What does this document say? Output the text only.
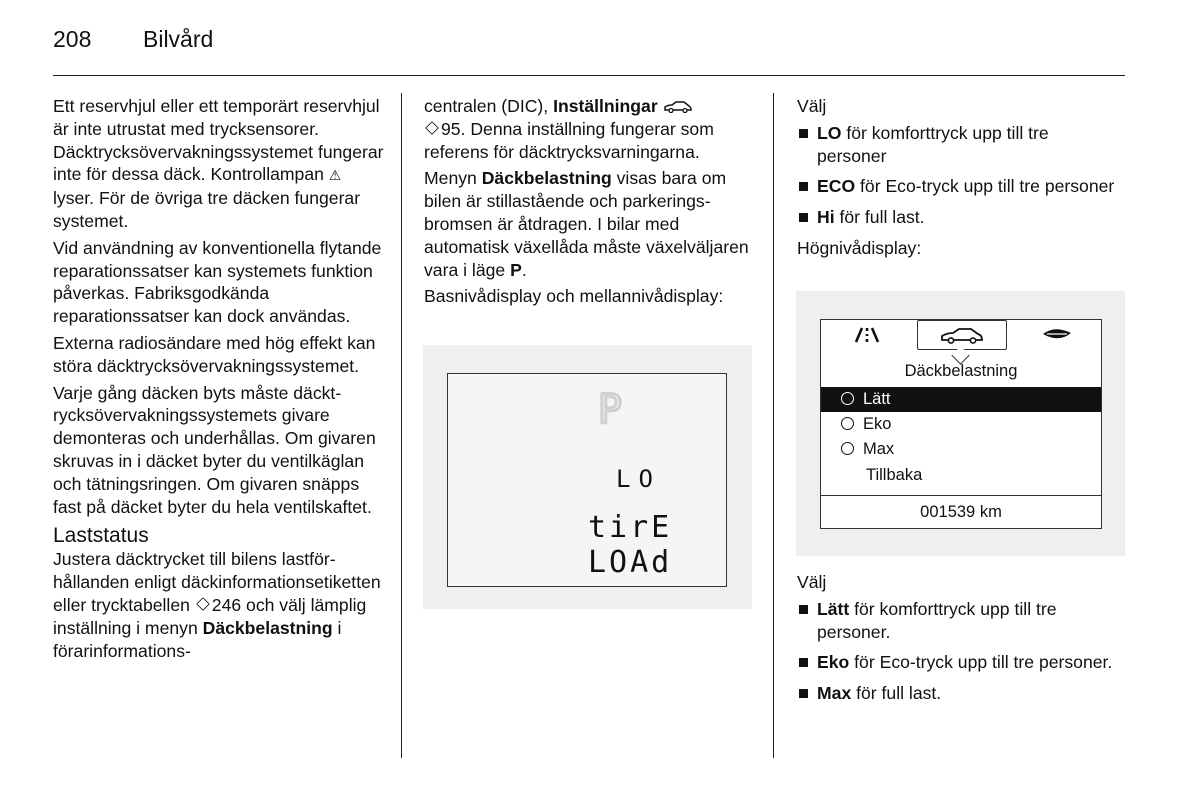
208 Bilvård

Ett reservhjul eller ett temporärt reservhjul är inte utrustat med trycksensorer. Däcktrycksövervakningssystemet fungerar inte för dessa däck. Kontrollampan ⚠ lyser. För de övriga tre däcken fungerar systemet.

Vid användning av konventionella flytande reparationssatser kan systemets funktion påverkas. Fabriksgodkända reparationssatser kan dock användas.

Externa radiosändare med hög effekt kan störa däcktrycksövervakningssystemet.

Varje gång däcken byts måste däcktrycksövervakningssystemets givare demonteras och underhållas. Om givaren skruvas in i däcket byter du ventilkäglan och tätningsringen. Om givaren snäpps fast på däcket byter du hela ventilskaftet.

Laststatus

Justera däcktrycket till bilens lastförhållanden enligt däckinformationsetiketten eller trycktabellen 246 och välj lämplig inställning i menyn Däckbelastning i förarinformations-

centralen (DIC), Inställningar
95. Denna inställning fungerar som referens för däcktrycksvarningarna.

Menyn Däckbelastning visas bara om bilen är stillastående och parkeringsbromsen är åtdragen. I bilar med automatisk växellåda måste växelväljaren vara i läge P.

Basnivådisplay och mellannivådisplay:

P
LO
tirE
LOAd

Välj

LO för komforttryck upp till tre personer
ECO för Eco-tryck upp till tre personer
Hi för full last.

Högnivådisplay:

Däckbelastning
Lätt
Eko
Max
Tillbaka
001539 km

Välj

Lätt för komforttryck upp till tre personer.
Eko för Eco-tryck upp till tre personer.
Max för full last.
